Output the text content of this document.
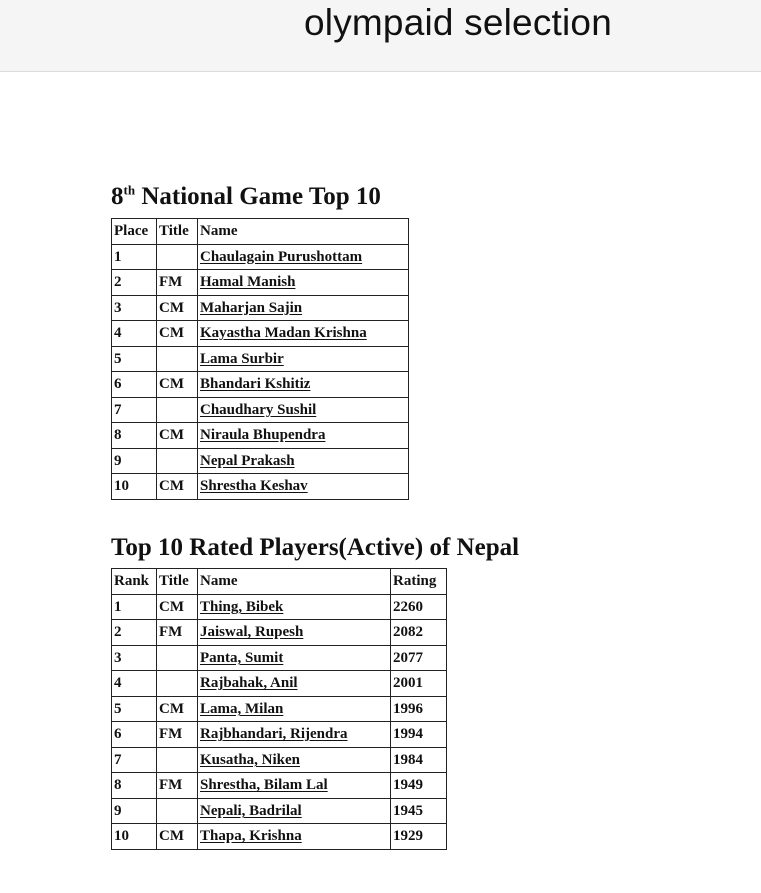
olympaid selection
8th National Game Top 10
Place	Title	Name
1		Chaulagain Purushottam
2	FM	Hamal Manish
3	CM	Maharjan Sajin
4	CM	Kayastha Madan Krishna
5		Lama Surbir
6	CM	Bhandari Kshitiz
7		Chaudhary Sushil
8	CM	Niraula Bhupendra
9		Nepal Prakash
10	CM	Shrestha Keshav
Top 10 Rated Players(Active) of Nepal
Rank	Title	Name	Rating
1	CM	Thing, Bibek	2260
2	FM	Jaiswal, Rupesh	2082
3		Panta, Sumit	2077
4		Rajbahak, Anil	2001
5	CM	Lama, Milan	1996
6	FM	Rajbhandari, Rijendra	1994
7		Kusatha, Niken	1984
8	FM	Shrestha, Bilam Lal	1949
9		Nepali, Badrilal	1945
10	CM	Thapa, Krishna	1929
